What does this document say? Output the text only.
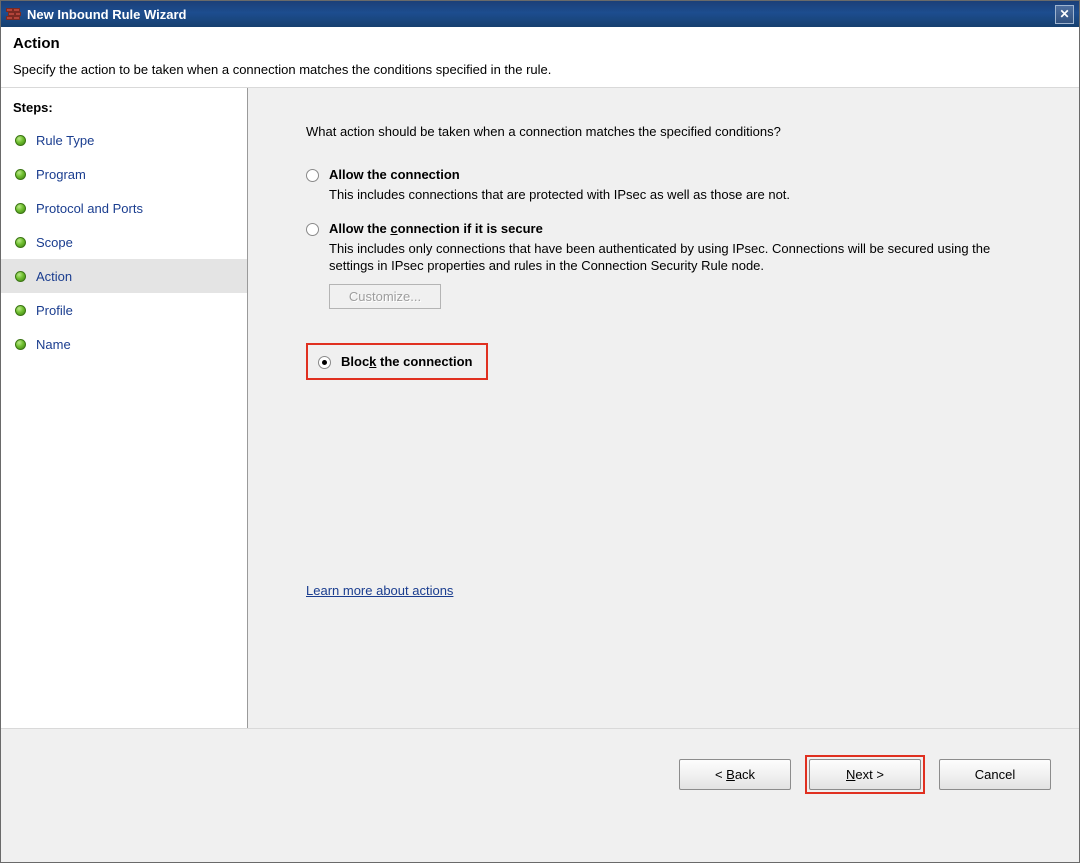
New Inbound Rule Wizard	✕
Action
Specify the action to be taken when a connection matches the conditions specified in the rule.
Steps:
Rule Type
Program
Protocol and Ports
Scope
Action
Profile
Name
What action should be taken when a connection matches the specified conditions?
Allow the connection
This includes connections that are protected with IPsec as well as those are not.
Allow the connection if it is secure
This includes only connections that have been authenticated by using IPsec. Connections will be secured using the settings in IPsec properties and rules in the Connection Security Rule node.
Customize...
Block the connection
Learn more about actions
< Back	Next >	Cancel
